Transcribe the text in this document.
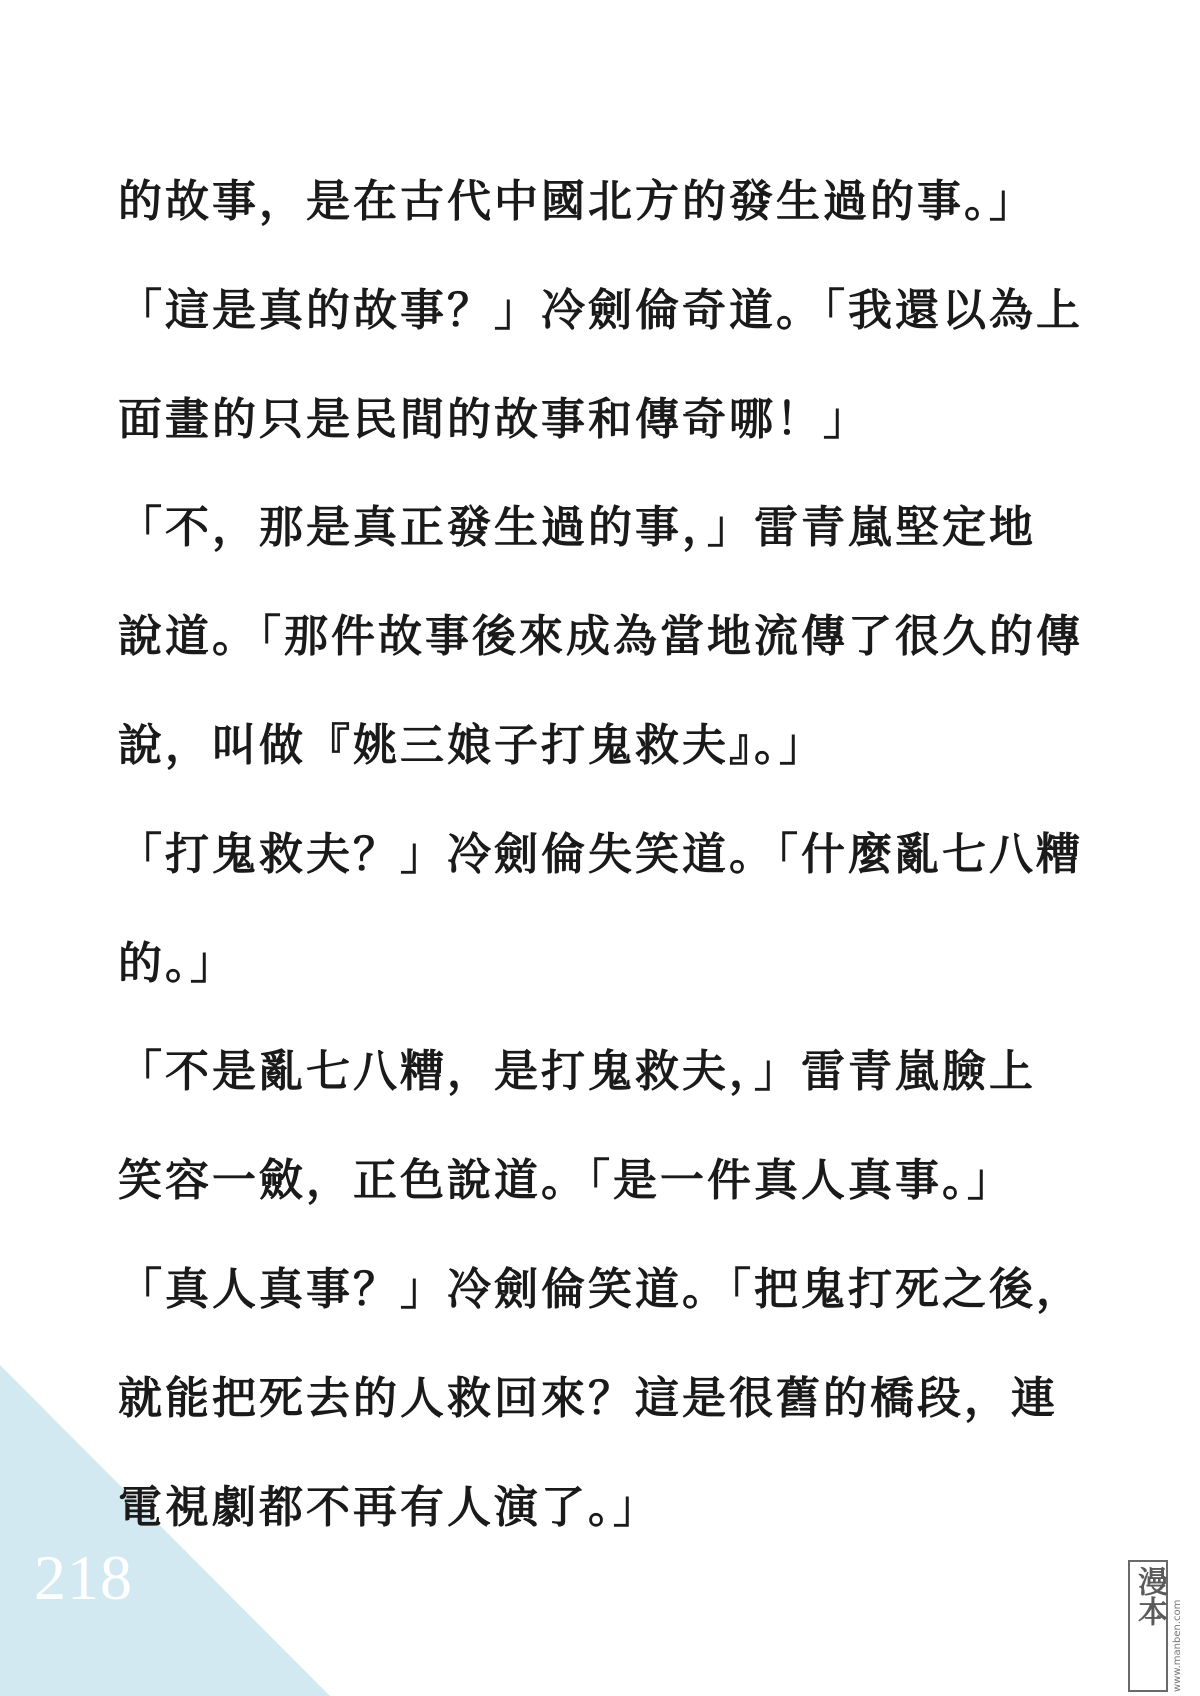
218
的故事，是在古代中國北方的發生過的事。」
「這是真的故事？」冷劍倫奇道。「我還以為上
面畫的只是民間的故事和傳奇哪！」
「不，那是真正發生過的事，」雷青嵐堅定地
說道。「那件故事後來成為當地流傳了很久的傳
說，叫做『姚三娘子打鬼救夫』。」
「打鬼救夫？」冷劍倫失笑道。「什麼亂七八糟
的。」
「不是亂七八糟，是打鬼救夫，」雷青嵐臉上
笑容一斂，正色說道。「是一件真人真事。」
「真人真事？」冷劍倫笑道。「把鬼打死之後，
就能把死去的人救回來？這是很舊的橋段，連
電視劇都不再有人演了。」
漫本
www.manben.com
